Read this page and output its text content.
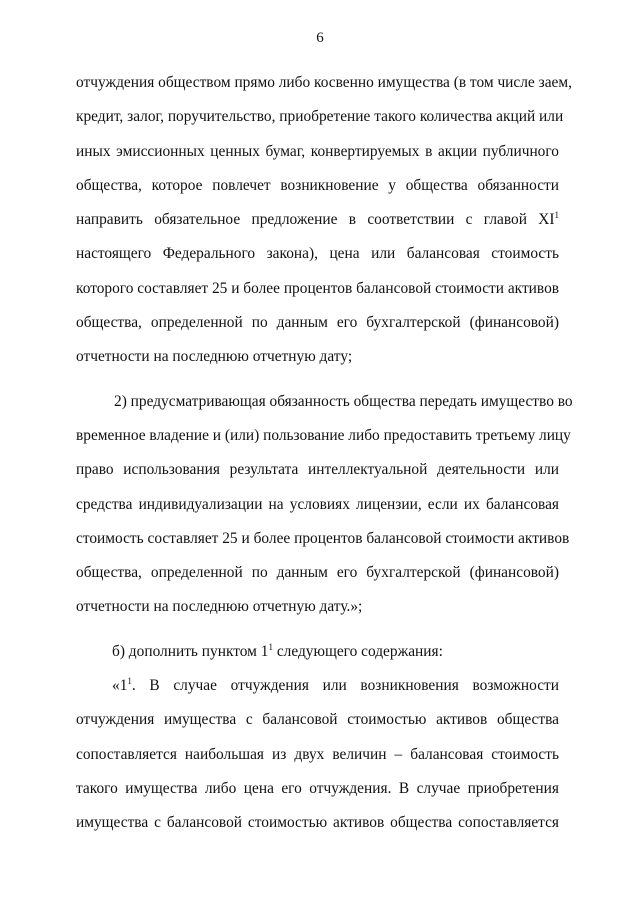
6
отчуждения обществом прямо либо косвенно имущества (в том числе заем,
кредит, залог, поручительство, приобретение такого количества акций или
иных эмиссионных ценных бумаг, конвертируемых в акции публичного
общества, которое повлечет возникновение у общества обязанности
направить обязательное предложение в соответствии с главой $XI^1$
настоящего Федерального закона), цена или балансовая стоимость
которого составляет 25 и более процентов балансовой стоимости активов
общества, определенной по данным его бухгалтерской (финансовой)
отчетности на последнюю отчетную дату;
2) предусматривающая обязанность общества передать имущество во
временное владение и (или) пользование либо предоставить третьему лицу
право использования результата интеллектуальной деятельности или
средства индивидуализации на условиях лицензии, если их балансовая
стоимость составляет 25 и более процентов балансовой стоимости активов
общества, определенной по данным его бухгалтерской (финансовой)
отчетности на последнюю отчетную дату.»;
б) дополнить пунктом $1^1$ следующего содержания:
«$1^1$. В случае отчуждения или возникновения возможности
отчуждения имущества с балансовой стоимостью активов общества
сопоставляется наибольшая из двух величин – балансовая стоимость
такого имущества либо цена его отчуждения. В случае приобретения
имущества с балансовой стоимостью активов общества сопоставляется
